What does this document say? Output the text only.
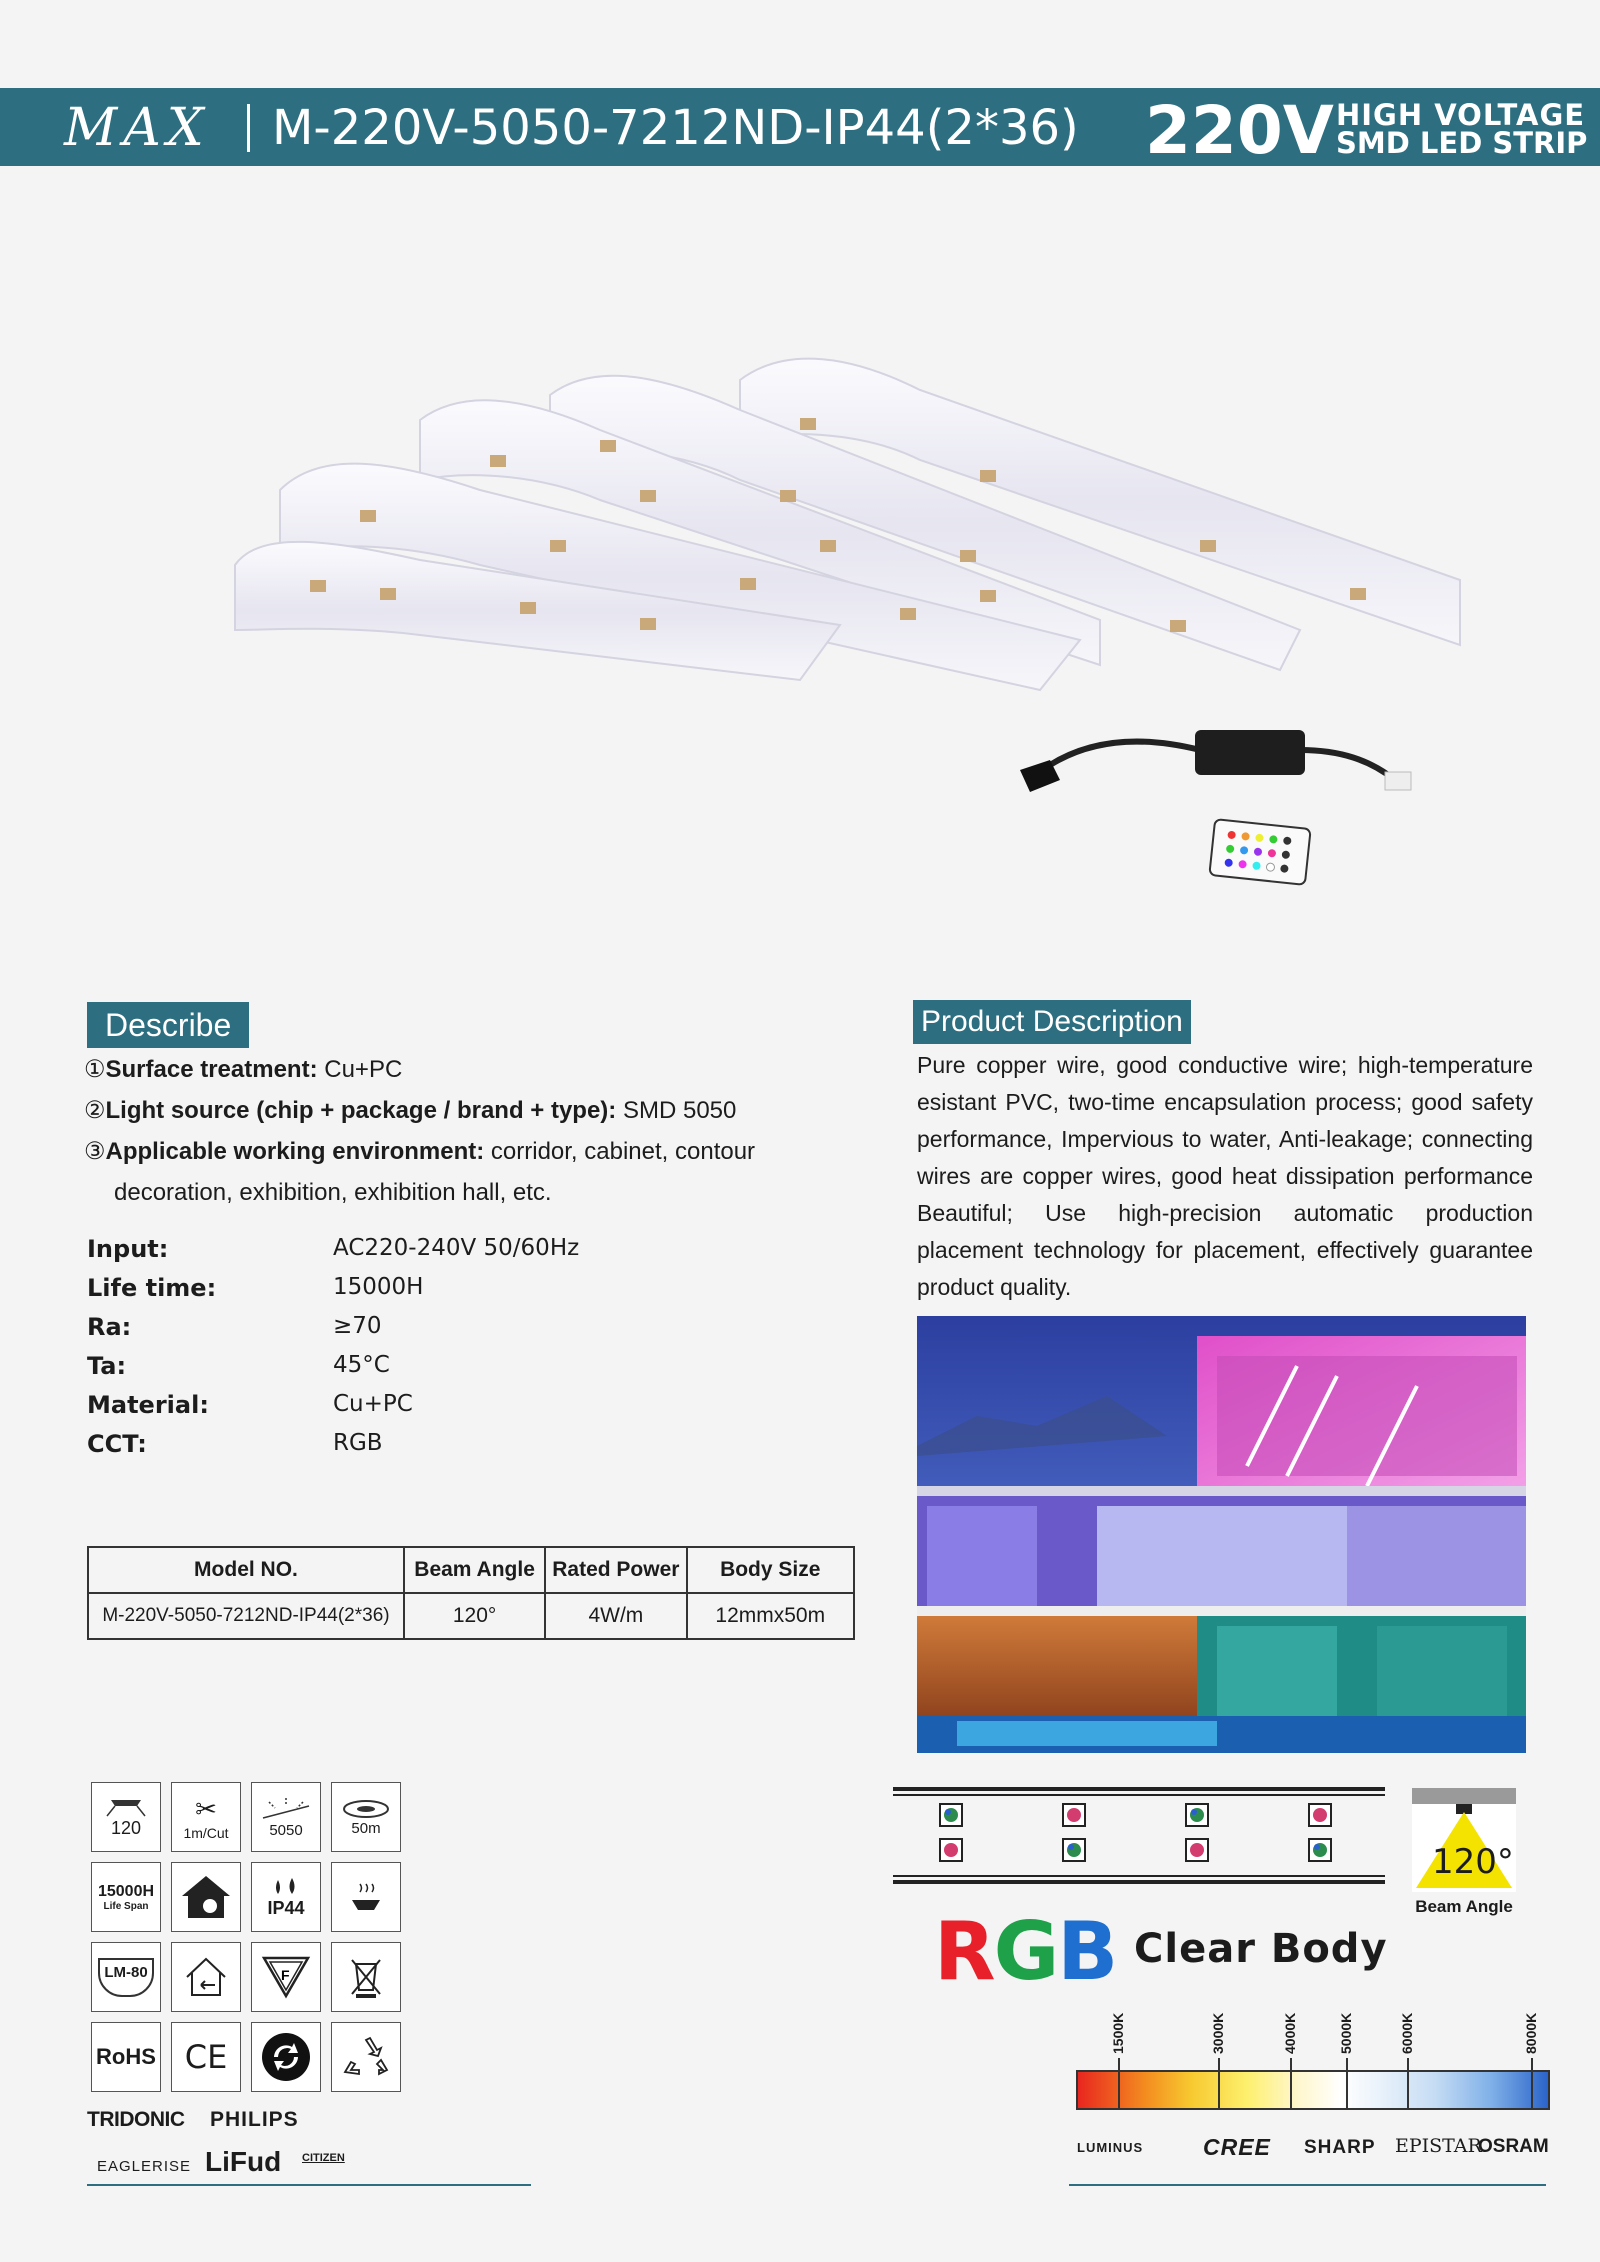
MAX M-220V-5050-7212ND-IP44(2*36) 220V HIGH VOLTAGE
SMD LED STRIP
Describe
①Surface treatment: Cu+PC
②Light source (chip + package / brand + type): SMD 5050
③Applicable working environment: corridor, cabinet, contour
decoration, exhibition, exhibition hall, etc.
Input:	AC220-240V 50/60Hz
Life time:	15000H
Ra:	≥70
Ta:	45°C
Material:	Cu+PC
CCT:	RGB
Model NO.	Beam Angle	Rated Power	Body Size
M-220V-5050-7212ND-IP44(2*36)	120°	4W/m	12mmx50m
120
✂
1m/Cut	5050	50m
15000H
Life Span	IP44
LM-80	F
RoHS CE
TRIDONIC PHILIPS
EAGLERISE LiFud CITIZEN
Product Description
Pure copper wire, good conductive wire; high-temperature esistant PVC, two-time encapsulation process; good safety performance, Impervious to water, Anti-leakage; connecting wires are copper wires, good heat dissipation performance Beautiful; Use high-precision automatic production placement technology for placement, effectively guarantee product quality.
120°
Beam Angle
RGB Clear Body
1500K	3000K	4000K	5000K	6000K	8000K
LUMINUS	CREE SHARP EPISTAR
OSRAM
